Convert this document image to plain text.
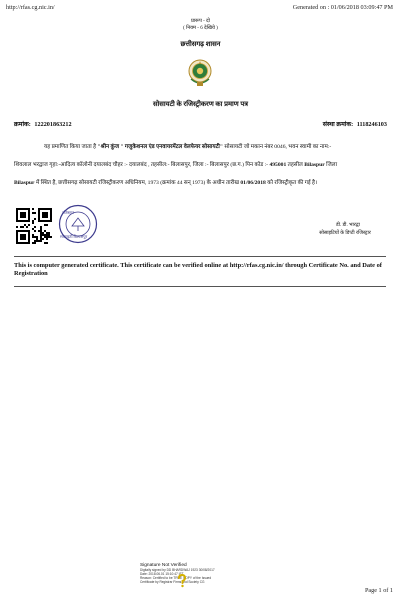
http://rfas.cg.nic.in/	Generated on : 01/06/2018 03:09:47 PM
प्रारूप - दो
( नियम - 6 देखिये )
छत्तीसगढ़ शासन
सोसायटी के रजिस्ट्रीकरण का प्रमाण पत्र
क्रमांक: 122201863212	संस्था क्रमांक: 1118246103
यह प्रमाणित किया जाता है "श्रीन कुंज " गजुकेशनल एंड एनवायरमेंटल वेलफेयर सोसायटी" सोसायटी जो मकान नंबर 0046, भवन स्वामी का नाम:-
शिवलाल भरद्वाज गृहा:-आदित्य कॉलोनी दयालबंद चौहर :- दयालबंद , तहसील:- बिलासपुर, जिला :- बिलासपुर (छ.ग.) पिन कोड :- 495001 तहसील Bilaspur जिला
Bilaspur में स्थित है, छत्तीसगढ़ सोसायटी रजिस्ट्रीकरण अधिनियम, 1973 (क्रमांक 44 सन् 1973) के अधीन तारीख 01/06/2018 को रजिस्ट्रीकृत की गई है।
रजिस्ट्रार
सोसाइटी बिलासपुर
डी. डी. भारद्वा
सोसाइटियों के डिप्टी रजिस्ट्रार
This is computer generated certificate. This certificate can be verified online at http://rfas.cg.nic.in/ through Certificate No. and Date of Registration
Signature Not Verified
Digitally signed by DD BHARDWAJ 1923 30/08/2017
Date: 2018.06.01 15:10:47 IST
Reason: Certified to be TRUE COPY of the Issued
Certificate by Registrar Firms and Society CG
Page 1 of 1
